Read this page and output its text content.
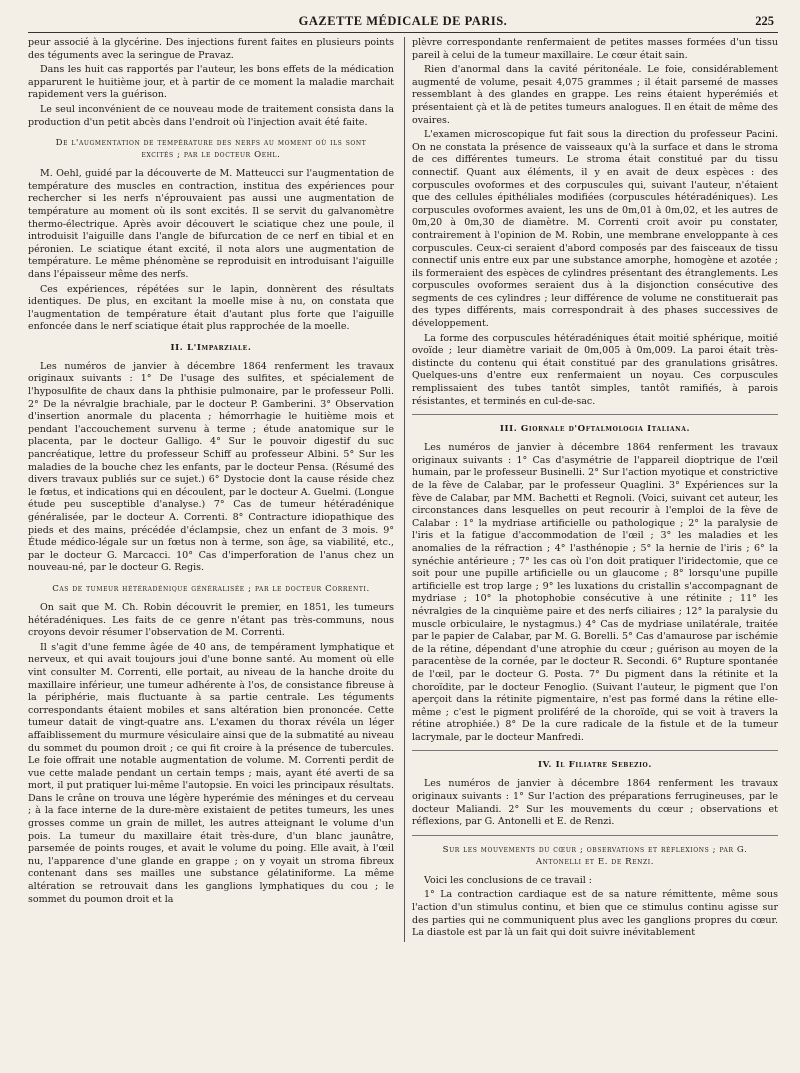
GAZETTE MÉDICALE DE PARIS.	225

peur associé à la glycérine. Des injections furent faites en plusieurs points des téguments avec la seringue de Pravaz.

Dans les huit cas rapportés par l'auteur, les bons effets de la médication apparurent le huitième jour, et à partir de ce moment la maladie marchait rapidement vers la guérison.

Le seul inconvénient de ce nouveau mode de traitement consista dans la production d'un petit abcès dans l'endroit où l'injection avait été faite.

De l'augmentation de température des nerfs au moment où ils sont excités ; par le docteur Oehl.

M. Oehl, guidé par la découverte de M. Matteucci sur l'augmentation de température des muscles en contraction, institua des expériences pour rechercher si les nerfs n'éprouvaient pas aussi une augmentation de température au moment où ils sont excités. Il se servit du galvanomètre thermo-électrique. Après avoir découvert le sciatique chez une poule, il introduisit l'aiguille dans l'angle de bifurcation de ce nerf en tibial et en péronien. Le sciatique étant excité, il nota alors une augmentation de température. Le même phénomène se reproduisit en introduisant l'aiguille dans l'épaisseur même des nerfs.

Ces expériences, répétées sur le lapin, donnèrent des résultats identiques. De plus, en excitant la moelle mise à nu, on constata que l'augmentation de température était d'autant plus forte que l'aiguille enfoncée dans le nerf sciatique était plus rapprochée de la moelle.

II. L'Imparziale.

Les numéros de janvier à décembre 1864 renferment les travaux originaux suivants : 1° De l'usage des sulfites, et spécialement de l'hyposulfite de chaux dans la phthisie pulmonaire, par le professeur Polli. 2° De la névralgie brachiale, par le docteur P. Gamberini. 3° Observation d'insertion anormale du placenta ; hémorrhagie le huitième mois et pendant l'accouchement survenu à terme ; étude anatomique sur le placenta, par le docteur Galligo. 4° Sur le pouvoir digestif du suc pancréatique, lettre du professeur Schiff au professeur Albini. 5° Sur les maladies de la bouche chez les enfants, par le docteur Pensa. (Résumé des divers travaux publiés sur ce sujet.) 6° Dystocie dont la cause réside chez le fœtus, et indications qui en découlent, par le docteur A. Guelmi. (Longue étude peu susceptible d'analyse.) 7° Cas de tumeur hétéradénique généralisée, par le docteur A. Correnti. 8° Contracture idiopathique des pieds et des mains, précédée d'éclampsie, chez un enfant de 3 mois. 9° Étude médico-légale sur un fœtus non à terme, son âge, sa viabilité, etc., par le docteur G. Marcacci. 10° Cas d'imperforation de l'anus chez un nouveau-né, par le docteur G. Regis.

Cas de tumeur hétéradénique généralisée ; par le docteur Correnti.

On sait que M. Ch. Robin découvrit le premier, en 1851, les tumeurs hétéradéniques. Les faits de ce genre n'étant pas très-communs, nous croyons devoir résumer l'observation de M. Correnti.

Il s'agit d'une femme âgée de 40 ans, de tempérament lymphatique et nerveux, et qui avait toujours joui d'une bonne santé. Au moment où elle vint consulter M. Correnti, elle portait, au niveau de la hanche droite du maxillaire inférieur, une tumeur adhérente à l'os, de consistance fibreuse à la périphérie, mais fluctuante à sa partie centrale. Les téguments correspondants étaient mobiles et sans altération bien prononcée. Cette tumeur datait de vingt-quatre ans. L'examen du thorax révéla un léger affaiblissement du murmure vésiculaire ainsi que de la submatité au niveau du sommet du poumon droit ; ce qui fit croire à la présence de tubercules. Le foie offrait une notable augmentation de volume. M. Correnti perdit de vue cette malade pendant un certain temps ; mais, ayant été averti de sa mort, il put pratiquer lui-même l'autopsie. En voici les principaux résultats. Dans le crâne on trouva une légère hyperémie des méninges et du cerveau ; à la face interne de la dure-mère existaient de petites tumeurs, les unes grosses comme un grain de millet, les autres atteignant le volume d'un pois. La tumeur du maxillaire était très-dure, d'un blanc jaunâtre, parsemée de points rouges, et avait le volume du poing. Elle avait, à l'œil nu, l'apparence d'une glande en grappe ; on y voyait un stroma fibreux contenant dans ses mailles une substance gélatiniforme. La même altération se retrouvait dans les ganglions lymphatiques du cou ; le sommet du poumon droit et la

plèvre correspondante renfermaient de petites masses formées d'un tissu pareil à celui de la tumeur maxillaire. Le cœur était sain.

Rien d'anormal dans la cavité péritonéale. Le foie, considérablement augmenté de volume, pesait 4,075 grammes ; il était parsemé de masses ressemblant à des glandes en grappe. Les reins étaient hyperémiés et présentaient çà et là de petites tumeurs analogues. Il en était de même des ovaires.

L'examen microscopique fut fait sous la direction du professeur Pacini. On ne constata la présence de vaisseaux qu'à la surface et dans le stroma de ces différentes tumeurs. Le stroma était constitué par du tissu connectif. Quant aux éléments, il y en avait de deux espèces : des corpuscules ovoformes et des corpuscules qui, suivant l'auteur, n'étaient que des cellules épithéliales modifiées (corpuscules hétéradéniques). Les corpuscules ovoformes avaient, les uns de 0m,01 à 0m,02, et les autres de 0m,20 à 0m,30 de diamètre. M. Correnti croit avoir pu constater, contrairement à l'opinion de M. Robin, une membrane enveloppante à ces corpuscules. Ceux-ci seraient d'abord composés par des faisceaux de tissu connectif unis entre eux par une substance amorphe, homogène et azotée ; ils formeraient des espèces de cylindres présentant des étranglements. Les corpuscules ovoformes seraient dus à la disjonction consécutive des segments de ces cylindres ; leur différence de volume ne constituerait pas des types différents, mais correspondrait à des phases successives de développement.

La forme des corpuscules hétéradéniques était moitié sphérique, moitié ovoïde ; leur diamètre variait de 0m,005 à 0m,009. La paroi était très-distincte du contenu qui était constitué par des granulations grisâtres. Quelques-uns d'entre eux renfermaient un noyau. Ces corpuscules remplissaient des tubes tantôt simples, tantôt ramifiés, à parois résistantes, et terminés en cul-de-sac.

III. Giornale d'Oftalmologia Italiana.

Les numéros de janvier à décembre 1864 renferment les travaux originaux suivants : 1° Cas d'asymétrie de l'appareil dioptrique de l'œil humain, par le professeur Businelli. 2° Sur l'action myotique et constrictive de la fève de Calabar, par le professeur Quaglini. 3° Expériences sur la fève de Calabar, par MM. Bachetti et Regnoli. (Voici, suivant cet auteur, les circonstances dans lesquelles on peut recourir à l'emploi de la fève de Calabar : 1° la mydriase artificielle ou pathologique ; 2° la paralysie de l'iris et la fatigue d'accommodation de l'œil ; 3° les maladies et les anomalies de la réfraction ; 4° l'asthénopie ; 5° la hernie de l'iris ; 6° la synéchie antérieure ; 7° les cas où l'on doit pratiquer l'iridectomie, que ce soit pour une pupille artificielle ou un glaucome ; 8° lorsqu'une pupille artificielle est trop large ; 9° les luxations du cristallin s'accompagnant de mydriase ; 10° la photophobie consécutive à une rétinite ; 11° les névralgies de la cinquième paire et des nerfs ciliaires ; 12° la paralysie du muscle orbiculaire, le nystagmus.) 4° Cas de mydriase unilatérale, traitée par le papier de Calabar, par M. G. Borelli. 5° Cas d'amaurose par ischémie de la rétine, dépendant d'une atrophie du cœur ; guérison au moyen de la paracentèse de la cornée, par le docteur R. Secondi. 6° Rupture spontanée de l'œil, par le docteur G. Posta. 7° Du pigment dans la rétinite et la choroïdite, par le docteur Fenoglio. (Suivant l'auteur, le pigment que l'on aperçoit dans la rétinite pigmentaire, n'est pas formé dans la rétine elle-même ; c'est le pigment proliféré de la choroïde, qui se voit à travers la rétine atrophiée.) 8° De la cure radicale de la fistule et de la tumeur lacrymale, par le docteur Manfredi.

IV. Il Filiatre Sebezio.

Les numéros de janvier à décembre 1864 renferment les travaux originaux suivants : 1° Sur l'action des préparations ferrugineuses, par le docteur Maliandi. 2° Sur les mouvements du cœur ; observations et réflexions, par G. Antonelli et E. de Renzi.

Sur les mouvements du cœur ; observations et réflexions ; par G. Antonelli et E. de Renzi.

Voici les conclusions de ce travail :

1° La contraction cardiaque est de sa nature rémittente, même sous l'action d'un stimulus continu, et bien que ce stimulus continu agisse sur des parties qui ne communiquent plus avec les ganglions propres du cœur. La diastole est par là un fait qui doit suivre inévitablement
